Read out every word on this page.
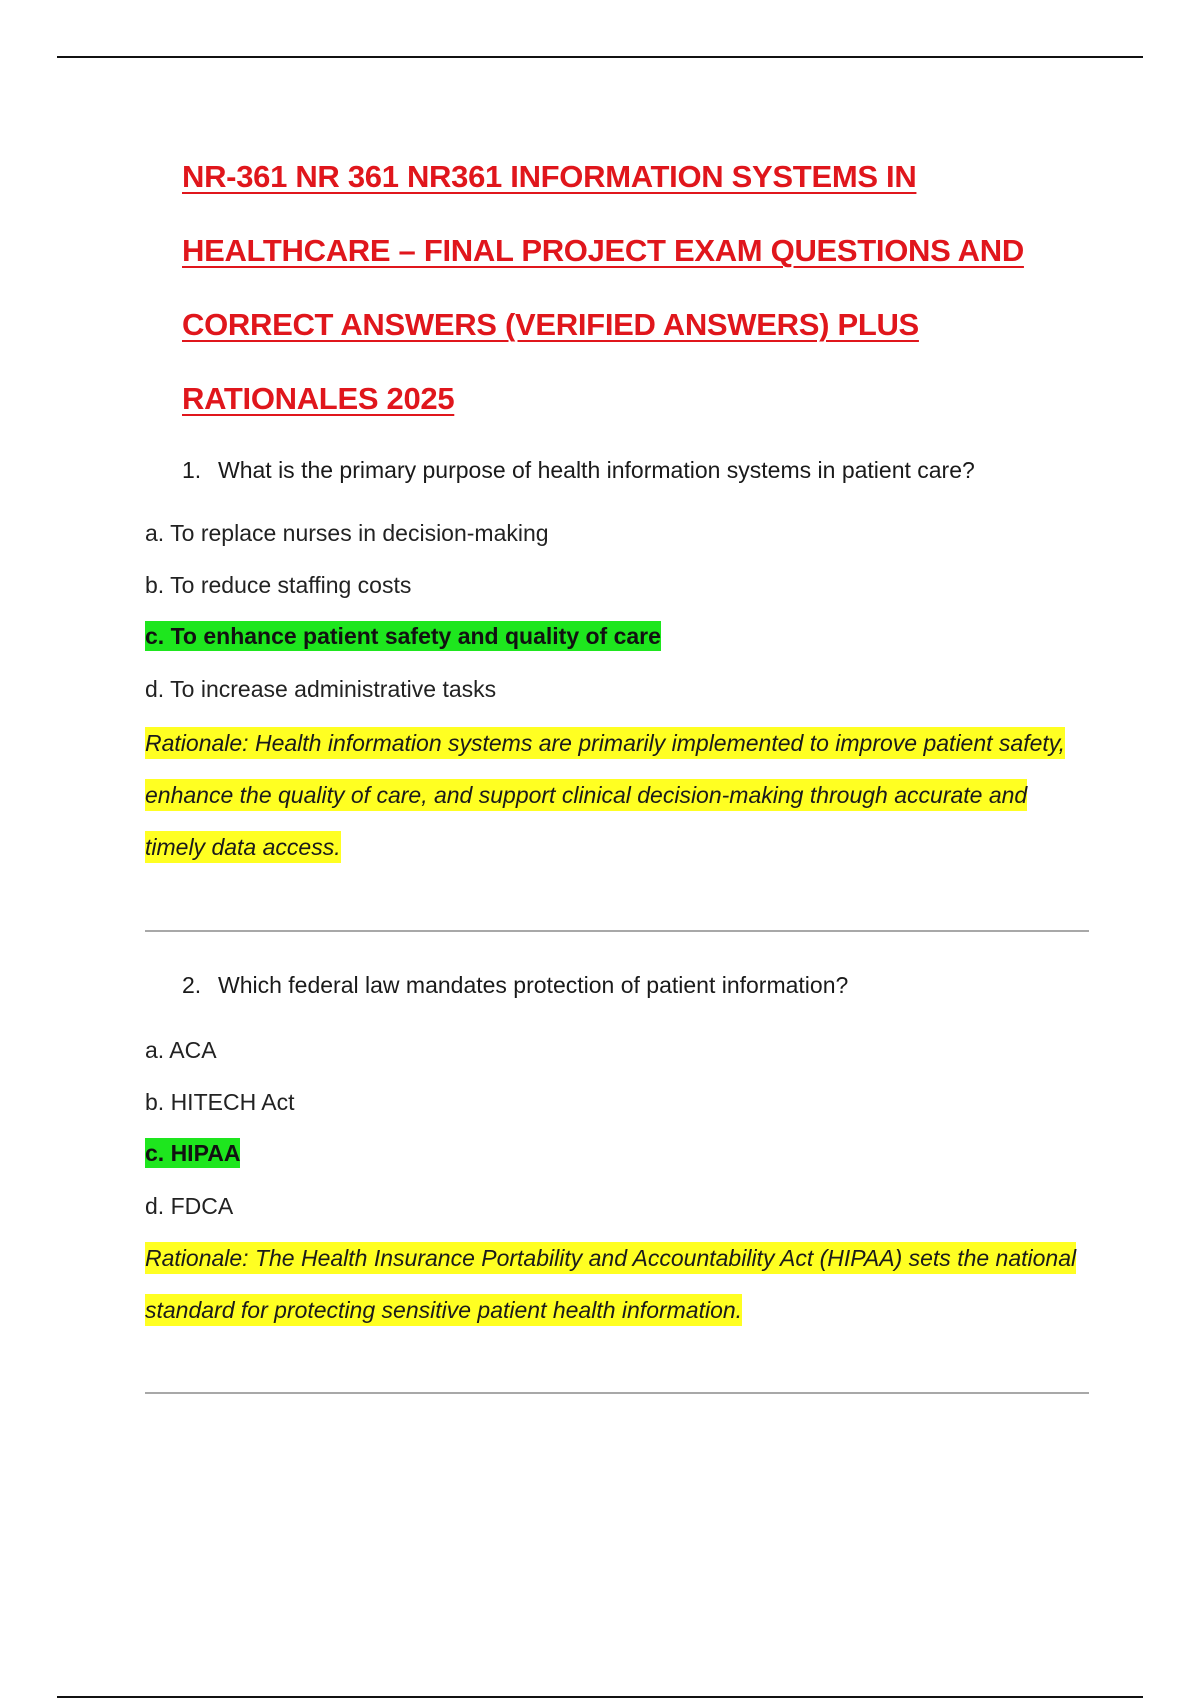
NR-361 NR 361 NR361 INFORMATION SYSTEMS IN HEALTHCARE – FINAL PROJECT EXAM QUESTIONS AND CORRECT ANSWERS (VERIFIED ANSWERS) PLUS RATIONALES 2025
1. What is the primary purpose of health information systems in patient care?
a. To replace nurses in decision-making
b. To reduce staffing costs
c. To enhance patient safety and quality of care
d. To increase administrative tasks
Rationale: Health information systems are primarily implemented to improve patient safety, enhance the quality of care, and support clinical decision-making through accurate and timely data access.
2. Which federal law mandates protection of patient information?
a. ACA
b. HITECH Act
c. HIPAA
d. FDCA
Rationale: The Health Insurance Portability and Accountability Act (HIPAA) sets the national standard for protecting sensitive patient health information.
